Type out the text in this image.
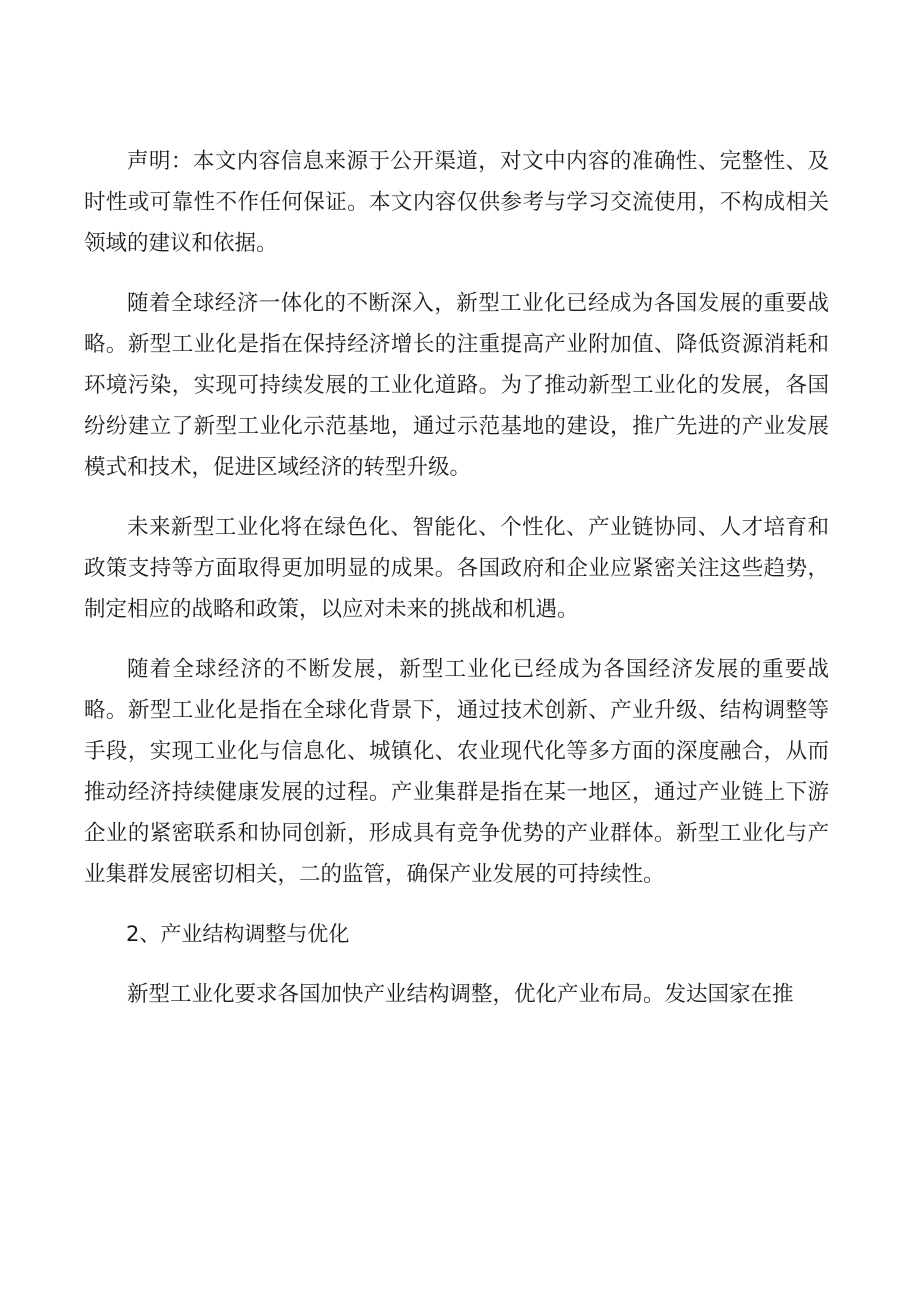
声明：本文内容信息来源于公开渠道，对文中内容的准确性、完整性、及时性或可靠性不作任何保证。本文内容仅供参考与学习交流使用，不构成相关领域的建议和依据。

随着全球经济一体化的不断深入，新型工业化已经成为各国发展的重要战略。新型工业化是指在保持经济增长的注重提高产业附加值、降低资源消耗和环境污染，实现可持续发展的工业化道路。为了推动新型工业化的发展，各国纷纷建立了新型工业化示范基地，通过示范基地的建设，推广先进的产业发展模式和技术，促进区域经济的转型升级。

未来新型工业化将在绿色化、智能化、个性化、产业链协同、人才培育和政策支持等方面取得更加明显的成果。各国政府和企业应紧密关注这些趋势，制定相应的战略和政策，以应对未来的挑战和机遇。

随着全球经济的不断发展，新型工业化已经成为各国经济发展的重要战略。新型工业化是指在全球化背景下，通过技术创新、产业升级、结构调整等手段，实现工业化与信息化、城镇化、农业现代化等多方面的深度融合，从而推动经济持续健康发展的过程。产业集群是指在某一地区，通过产业链上下游企业的紧密联系和协同创新，形成具有竞争优势的产业群体。新型工业化与产业集群发展密切相关，二的监管，确保产业发展的可持续性。

2、产业结构调整与优化

新型工业化要求各国加快产业结构调整，优化产业布局。发达国家在推
